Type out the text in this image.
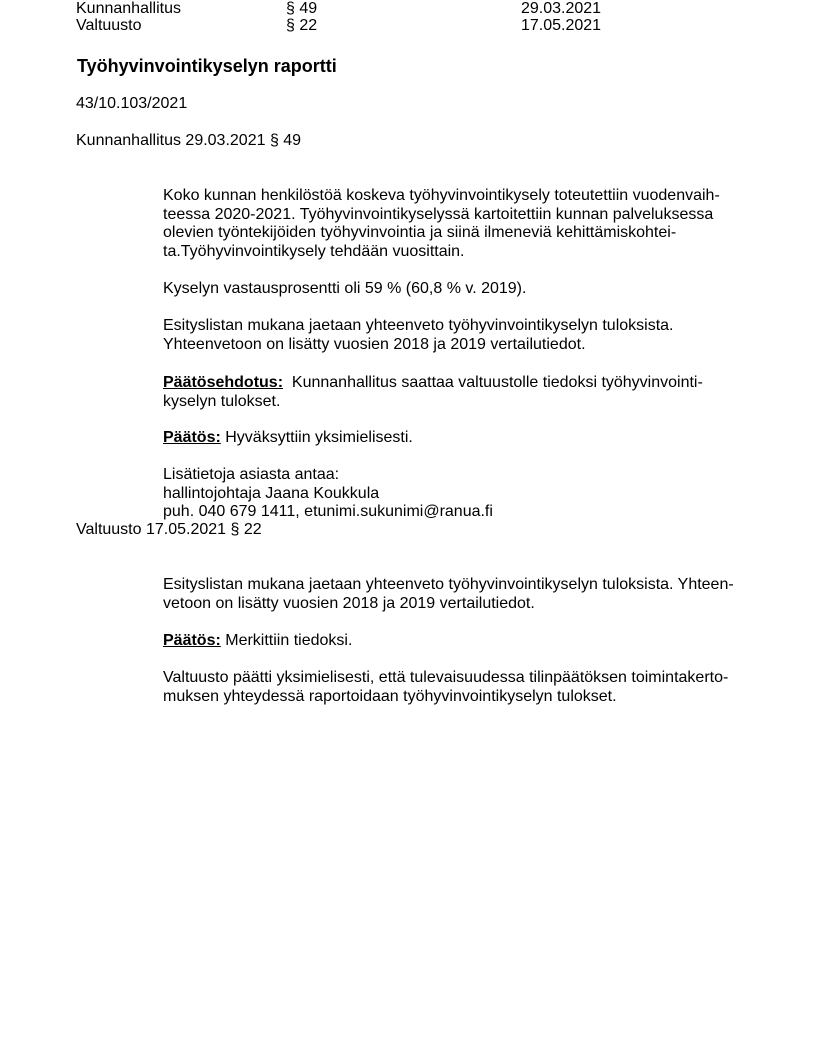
Kunnanhallitus	§ 49	29.03.2021
Valtuusto	§ 22	17.05.2021
Työhyvinvointikyselyn raportti
43/10.103/2021
Kunnanhallitus 29.03.2021 § 49
Koko kunnan henkilöstöä koskeva työhyvinvointikysely toteutettiin vuodenvaih-
teessa 2020-2021. Työhyvinvointikyselyssä kartoitettiin kunnan palveluksessa
olevien työntekijöiden työhyvinvointia ja siinä ilmeneviä kehittämiskohtei-
ta.Työhyvinvointikysely tehdään vuosittain.
Kyselyn vastausprosentti oli 59 % (60,8 % v. 2019).
Esityslistan mukana jaetaan yhteenveto työhyvinvointikyselyn tuloksista.
Yhteenvetoon on lisätty vuosien 2018 ja 2019 vertailutiedot.
Päätösehdotus: Kunnanhallitus saattaa valtuustolle tiedoksi työhyvinvointi-
kyselyn tulokset.
Päätös: Hyväksyttiin yksimielisesti.
Lisätietoja asiasta antaa:
hallintojohtaja Jaana Koukkula
puh. 040 679 1411, etunimi.sukunimi@ranua.fi
Valtuusto 17.05.2021 § 22
Esityslistan mukana jaetaan yhteenveto työhyvinvointikyselyn tuloksista. Yhteen-
vetoon on lisätty vuosien 2018 ja 2019 vertailutiedot.
Päätös: Merkittiin tiedoksi.
Valtuusto päätti yksimielisesti, että tulevaisuudessa tilinpäätöksen toimintakerto-
muksen yhteydessä raportoidaan työhyvinvointikyselyn tulokset.
